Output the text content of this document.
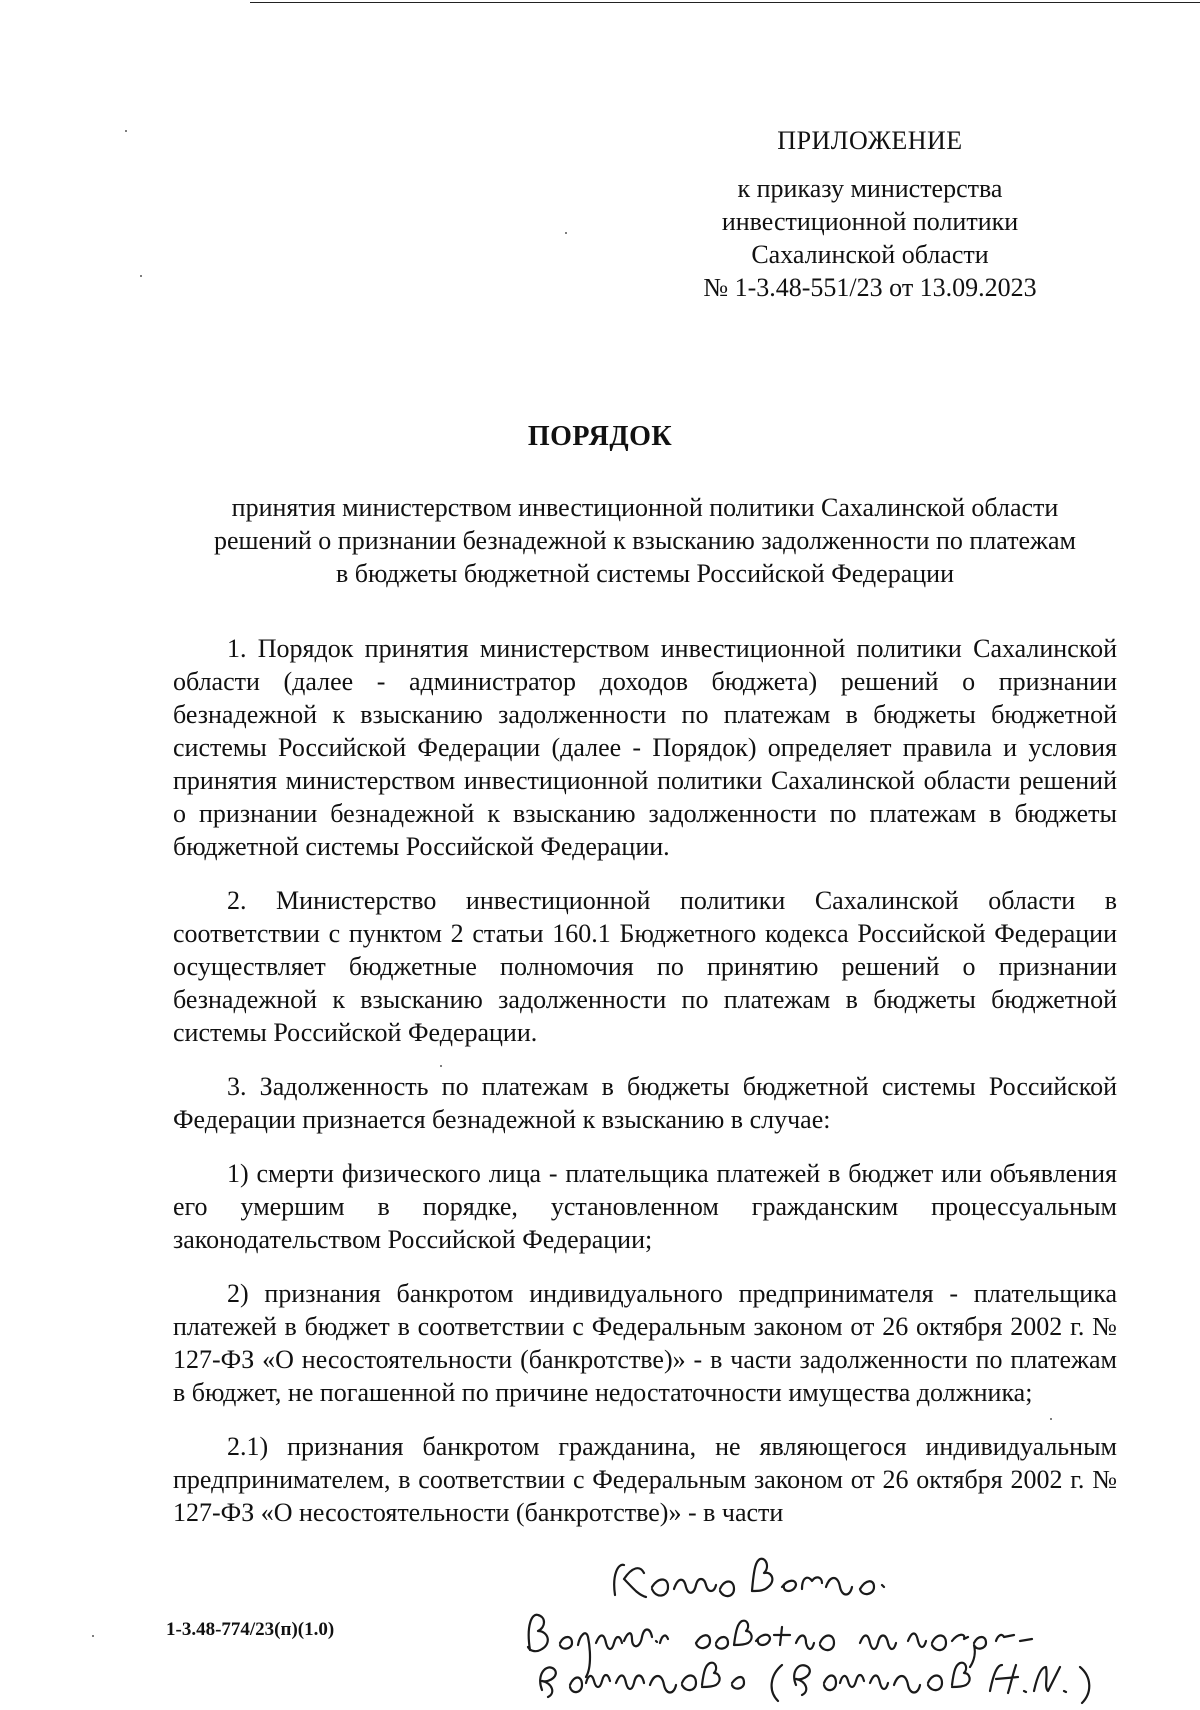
ПРИЛОЖЕНИЕ
к приказу министерства
инвестиционной политики
Сахалинской области
№ 1-3.48-551/23 от 13.09.2023
ПОРЯДОК
принятия министерством инвестиционной политики Сахалинской области
решений о признании безнадежной к взысканию задолженности по платежам
в бюджеты бюджетной системы Российской Федерации

1. Порядок принятия министерством инвестиционной политики Сахалинской области (далее - администратор доходов бюджета) решений о признании безнадежной к взысканию задолженности по платежам в бюджеты бюджетной системы Российской Федерации (далее - Порядок) определяет правила и условия принятия министерством инвестиционной политики Сахалинской области решений о признании безнадежной к взысканию задолженности по платежам в бюджеты бюджетной системы Российской Федерации.

2. Министерство инвестиционной политики Сахалинской области в соответствии с пунктом 2 статьи 160.1 Бюджетного кодекса Российской Федерации осуществляет бюджетные полномочия по принятию решений о признании безнадежной к взысканию задолженности по платежам в бюджеты бюджетной системы Российской Федерации.

3. Задолженность по платежам в бюджеты бюджетной системы Российской Федерации признается безнадежной к взысканию в случае:

1) смерти физического лица - плательщика платежей в бюджет или объявления его умершим в порядке, установленном гражданским процессуальным законодательством Российской Федерации;

2) признания банкротом индивидуального предпринимателя - плательщика платежей в бюджет в соответствии с Федеральным законом от 26 октября 2002 г. № 127-ФЗ «О несостоятельности (банкротстве)» - в части задолженности по платежам в бюджет, не погашенной по причине недостаточности имущества должника;

2.1) признания банкротом гражданина, не являющегося индивидуальным предпринимателем, в соответствии с Федеральным законом от 26 октября 2002 г. № 127-ФЗ «О несостоятельности (банкротстве)» - в части

1-3.48-774/23(п)(1.0)
